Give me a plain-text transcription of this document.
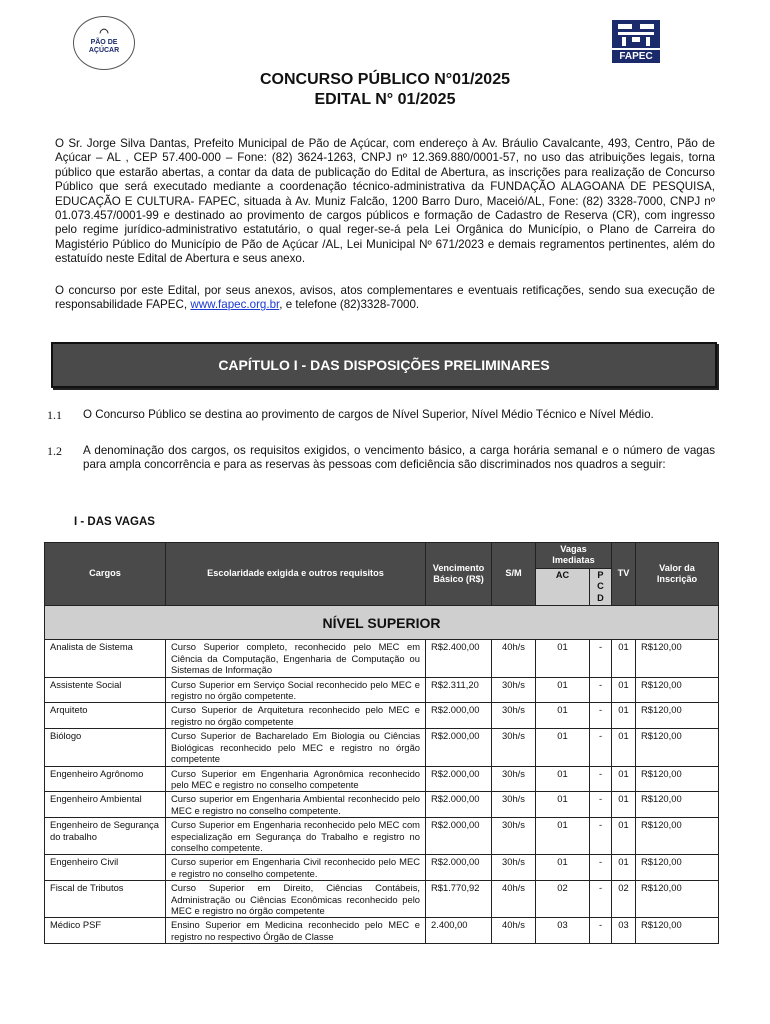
◠
PÃO DE
AÇÚCAR
FAPEC
CONCURSO PÚBLICO N°01/2025
EDITAL N° 01/2025

O Sr. Jorge Silva Dantas, Prefeito Municipal de Pão de Açúcar, com endereço à Av. Bráulio Cavalcante, 493, Centro, Pão de Açúcar – AL , CEP 57.400-000 – Fone: (82) 3624-1263, CNPJ nº 12.369.880/0001-57, no uso das atribuições legais, torna público que estarão abertas, a contar da data de publicação do Edital de Abertura, as inscrições para realização de Concurso Público que será executado mediante a coordenação técnico-administrativa da FUNDAÇÃO ALAGOANA DE PESQUISA, EDUCAÇÃO E CULTURA- FAPEC, situada à Av. Muniz Falcão, 1200 Barro Duro, Maceió/AL, Fone: (82) 3328-7000, CNPJ nº 01.073.457/0001-99 e destinado ao provimento de cargos públicos e formação de Cadastro de Reserva (CR), com ingresso pelo regime jurídico-administrativo estatutário, o qual reger-se-á pela Lei Orgânica do Município, o Plano de Carreira do Magistério Público do Município de Pão de Açúcar /AL, Lei Municipal Nº 671/2023 e demais regramentos pertinentes, além do estatuído neste Edital de Abertura e seus anexo.

O concurso por este Edital, por seus anexos, avisos, atos complementares e eventuais retificações, sendo sua execução de responsabilidade FAPEC, www.fapec.org.br, e telefone (82)3328-7000.

CAPÍTULO I - DAS DISPOSIÇÕES PRELIMINARES
1.1	O Concurso Público se destina ao provimento de cargos de Nível Superior, Nível Médio Técnico e Nível Médio.
1.2	A denominação dos cargos, os requisitos exigidos, o vencimento básico, a carga horária semanal e o número de vagas para ampla concorrência e para as reservas às pessoas com deficiência são discriminados nos quadros a seguir:
I - DAS VAGAS
Cargos	Escolaridade exigida e outros requisitos	Vencimento Básico (R$)	S/M	Vagas Imediatas		TV	Valor da Inscrição
				AC	P C D		
NÍVEL SUPERIOR							
Analista de Sistema	Curso Superior completo, reconhecido pelo MEC em Ciência da Computação, Engenharia de Computação ou Sistemas de Informação	R$2.400,00	40h/s	01	-	01	R$120,00
Assistente Social	Curso Superior em Serviço Social reconhecido pelo MEC e registro no órgão competente.	R$2.311,20	30h/s	01	-	01	R$120,00
Arquiteto	Curso Superior de Arquitetura reconhecido pelo MEC e registro no órgão competente	R$2.000,00	30h/s	01	-	01	R$120,00
Biólogo	Curso Superior de Bacharelado Em Biologia ou Ciências Biológicas reconhecido pelo MEC e registro no órgão competente	R$2.000,00	30h/s	01	-	01	R$120,00
Engenheiro Agrônomo	Curso Superior em Engenharia Agronômica reconhecido pelo MEC e registro no conselho competente	R$2.000,00	30h/s	01	-	01	R$120,00
Engenheiro Ambiental	Curso superior em Engenharia Ambiental reconhecido pelo MEC e registro no conselho competente.	R$2.000,00	30h/s	01	-	01	R$120,00
Engenheiro de Segurança do trabalho	Curso Superior em Engenharia reconhecido pelo MEC com especialização em Segurança do Trabalho e registro no conselho competente.	R$2.000,00	30h/s	01	-	01	R$120,00
Engenheiro Civil	Curso superior em Engenharia Civil reconhecido pelo MEC e registro no conselho competente.	R$2.000,00	30h/s	01	-	01	R$120,00
Fiscal de Tributos	Curso Superior em Direito, Ciências Contábeis, Administração ou Ciências Econômicas reconhecido pelo MEC e registro no órgão competente	R$1.770,92	40h/s	02	-	02	R$120,00
Médico PSF	Ensino Superior em Medicina reconhecido pelo MEC e registro no respectivo Órgão de Classe	2.400,00	40h/s	03	-	03	R$120,00
